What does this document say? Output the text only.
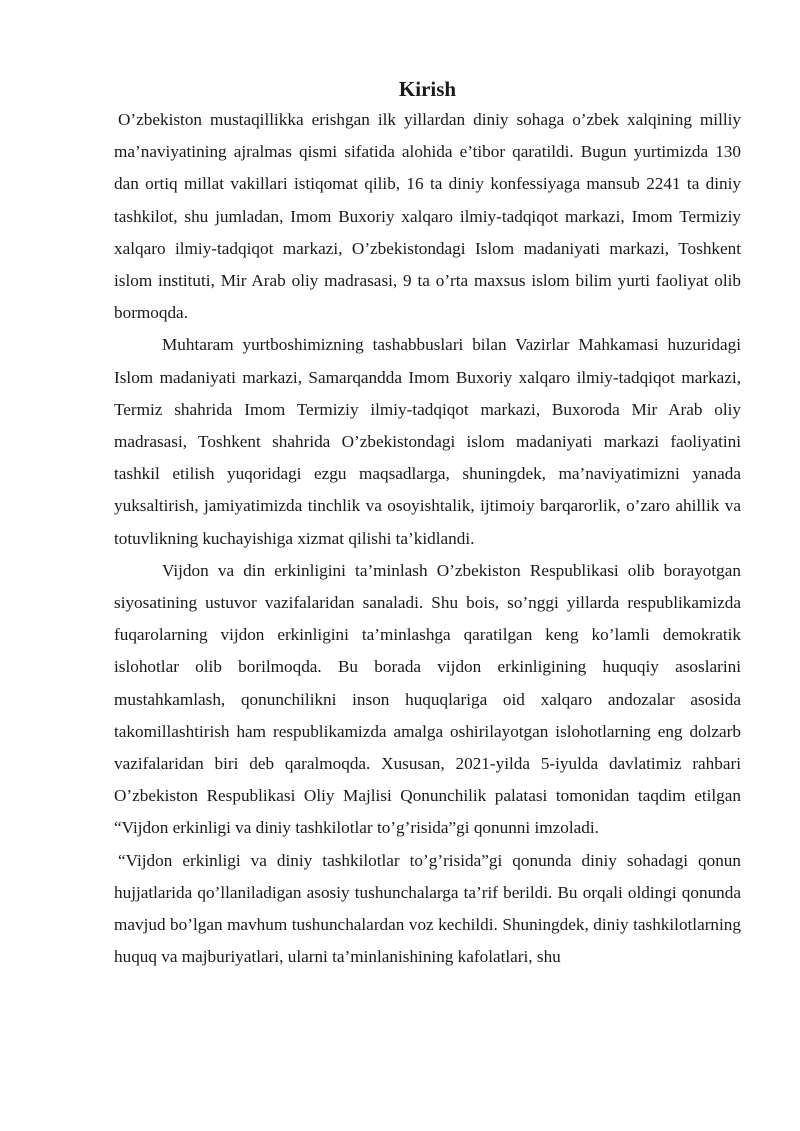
Kirish

O’zbekiston mustaqillikka erishgan ilk yillardan diniy sohaga o’zbek xalqining milliy ma’naviyatining ajralmas qismi sifatida alohida e’tibor qaratildi. Bugun yurtimizda 130 dan ortiq millat vakillari istiqomat qilib, 16 ta diniy konfessiyaga mansub 2241 ta diniy tashkilot, shu jumladan, Imom Buxoriy xalqaro ilmiy-tadqiqot markazi, Imom Termiziy xalqaro ilmiy-tadqiqot markazi, O’zbekistondagi Islom madaniyati markazi, Toshkent islom instituti, Mir Arab oliy madrasasi, 9 ta o’rta maxsus islom bilim yurti faoliyat olib bormoqda.

Muhtaram yurtboshimizning tashabbuslari bilan Vazirlar Mahkamasi huzuridagi Islom madaniyati markazi, Samarqandda Imom Buxoriy xalqaro ilmiy-tadqiqot markazi, Termiz shahrida Imom Termiziy ilmiy-tadqiqot markazi, Buxoroda Mir Arab oliy madrasasi, Toshkent shahrida O’zbekistondagi islom madaniyati markazi faoliyatini tashkil etilish yuqoridagi ezgu maqsadlarga, shuningdek, ma’naviyatimizni yanada yuksaltirish, jamiyatimizda tinchlik va osoyishtalik, ijtimoiy barqarorlik, o’zaro ahillik va totuvlikning kuchayishiga xizmat qilishi ta’kidlandi.

Vijdon va din erkinligini ta’minlash O’zbekiston Respublikasi olib borayotgan siyosatining ustuvor vazifalaridan sanaladi. Shu bois, so’nggi yillarda respublikamizda fuqarolarning vijdon erkinligini ta’minlashga qaratilgan keng ko’lamli demokratik islohotlar olib borilmoqda. Bu borada vijdon erkinligining huquqiy asoslarini mustahkamlash, qonunchilikni inson huquqlariga oid xalqaro andozalar asosida takomillashtirish ham respublikamizda amalga oshirilayotgan islohotlarning eng dolzarb vazifalaridan biri deb qaralmoqda. Xususan, 2021-yilda 5-iyulda davlatimiz rahbari O’zbekiston Respublikasi Oliy Majlisi Qonunchilik palatasi tomonidan taqdim etilgan “Vijdon erkinligi va diniy tashkilotlar to’g’risida”gi qonunni imzoladi.

“Vijdon erkinligi va diniy tashkilotlar to’g’risida”gi qonunda diniy sohadagi qonun hujjatlarida qo’llaniladigan asosiy tushunchalarga ta’rif berildi. Bu orqali oldingi qonunda mavjud bo’lgan mavhum tushunchalardan voz kechildi. Shuningdek, diniy tashkilotlarning huquq va majburiyatlari, ularni ta’minlanishining kafolatlari, shu
